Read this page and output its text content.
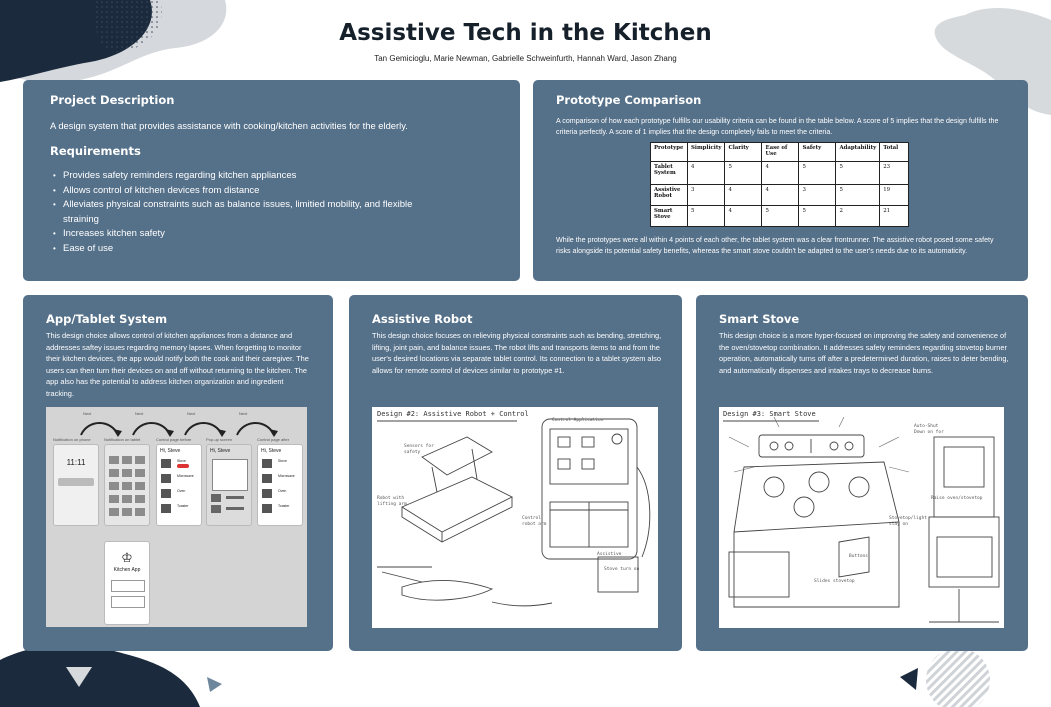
Assistive Tech in the Kitchen
Tan Gemicioglu, Marie Newman, Gabrielle Schweinfurth, Hannah Ward, Jason Zhang
Project Description
A design system that provides assistance with cooking/kitchen activities for the elderly.
Requirements
• Provides safety reminders regarding kitchen appliances
• Allows control of kitchen devices from distance
• Alleviates physical constraints such as balance issues, limitied mobility, and flexible straining
• Increases kitchen safety
• Ease of use
Prototype Comparison
A comparison of how each prototype fulfills our usability criteria can be found in the table below. A score of 5 implies that the design fulfills the criteria perfectly. A score of 1 implies that the design completely fails to meet the criteria.
Prototype	Simplicity	Clarity	Ease of Use	Safety	Adaptability	Total
Tablet System	4	5	4	5	5	23
Assistive Robot	3	4	4	3	5	19
Smart Stove	5	4	5	5	2	21
While the prototypes were all within 4 points of each other, the tablet system was a clear frontrunner. The assistive robot posed some safety risks alongside its potential safety benefits, whereas the smart stove couldn't be adapted to the user's needs due to its automaticity.
App/Tablet System
This design choice allows control of kitchen appliances from a distance and addresses saftey issues regarding memory lapses. When forgetting to monitor their kitchen devices, the app would notify both the cook and their caregiver. The users can then turn their devices on and off without returning to the kitchen. The app also has the potential to address kitchen organization and ingredient tracking.
Next	Next	Next	Next
Notification on phone	Notification on tablet	Control page before	Pop-up screen	Control page after
11:11
Hi, Steve
Stove
Microwave
Oven
Toaster
Hi, Steve	Hi, Steve
Stove
Microwave
Oven
Toaster
♔
Kitchen App
Assistive Robot
This design choice focuses on relieving physical constraints such as bending, stretching, lifting, joint pain, and balance issues. The robot lifts and transports items to and from the user's desired locations via separate tablet control. Its connection to a tablet system also allows for remote control of devices similar to prototype #1.
Design #2: Assistive Robot + Control
Sensors for
safety
Robot with
lifting arm
Control Application
Control
robot arm
Stove turn on
Assistive
Smart Stove
This design choice is a more hyper-focused on improving the safety and convenience of the oven/stovetop combination. It addresses safety reminders regarding stovetop burner operation, automatically turns off after a predetermined duration, raises to deter bending, and automatically dispenses and intakes trays to decrease burns.
Design #3: Smart Stove
Auto-Shut
Down on for
Raise oven/stovetop
Stovetop/light
stay on
Buttons
Slides stovetop
